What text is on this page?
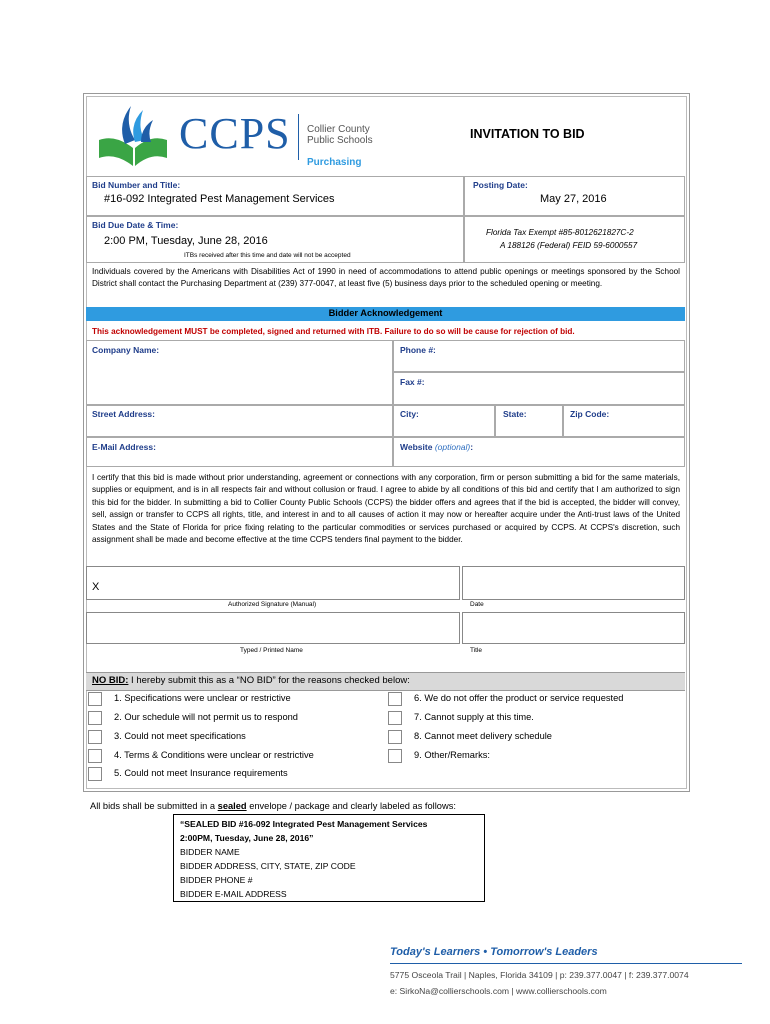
CCPS Collier County
Public Schools
Purchasing
INVITATION TO BID
Bid Number and Title:
#16-092 Integrated Pest Management Services
Posting Date:
May 27, 2016
Bid Due Date & Time:
2:00 PM, Tuesday, June 28, 2016
ITBs received after this time and date will not be accepted
Florida Tax Exempt #85-8012621827C-2
A 188126 (Federal) FEID 59-6000557
Individuals covered by the Americans with Disabilities Act of 1990 in need of accommodations to attend public openings or meetings sponsored by the School District shall contact the Purchasing Department at (239) 377-0047, at least five (5) business days prior to the scheduled opening or meeting.
Bidder Acknowledgement
This acknowledgement MUST be completed, signed and returned with ITB. Failure to do so will be cause for rejection of bid.
Company Name:	Phone #:
Fax #:
Street Address:	City:	State:	Zip Code:
E-Mail Address:	Website (optional):
I certify that this bid is made without prior understanding, agreement or connections with any corporation, firm or person submitting a bid for the same materials, supplies or equipment, and is in all respects fair and without collusion or fraud. I agree to abide by all conditions of this bid and certify that I am authorized to sign this bid for the bidder. In submitting a bid to Collier County Public Schools (CCPS) the bidder offers and agrees that if the bid is accepted, the bidder will convey, sell, assign or transfer to CCPS all rights, title, and interest in and to all causes of action it may now or hereafter acquire under the Anti-trust laws of the United States and the State of Florida for price fixing relating to the particular commodities or services purchased or acquired by CCPS. At CCPS's discretion, such assignment shall be made and become effective at the time CCPS tenders final payment to the bidder.
X
Authorized Signature (Manual)	Date
Typed / Printed Name	Title
NO BID: I hereby submit this as a “NO BID” for the reasons checked below:
1. Specifications were unclear or restrictive
2. Our schedule will not permit us to respond
3. Could not meet specifications
4. Terms & Conditions were unclear or restrictive
5. Could not meet Insurance requirements
6. We do not offer the product or service requested
7. Cannot supply at this time.
8. Cannot meet delivery schedule
9. Other/Remarks:
All bids shall be submitted in a sealed envelope / package and clearly labeled as follows:
“SEALED BID #16-092 Integrated Pest Management Services
2:00PM, Tuesday, June 28, 2016”
BIDDER NAME
BIDDER ADDRESS, CITY, STATE, ZIP CODE
BIDDER PHONE #
BIDDER E-MAIL ADDRESS
Today's Learners • Tomorrow's Leaders
5775 Osceola Trail | Naples, Florida 34109 | p: 239.377.0047 | f: 239.377.0074
e: SirkoNa@collierschools.com | www.collierschools.com
